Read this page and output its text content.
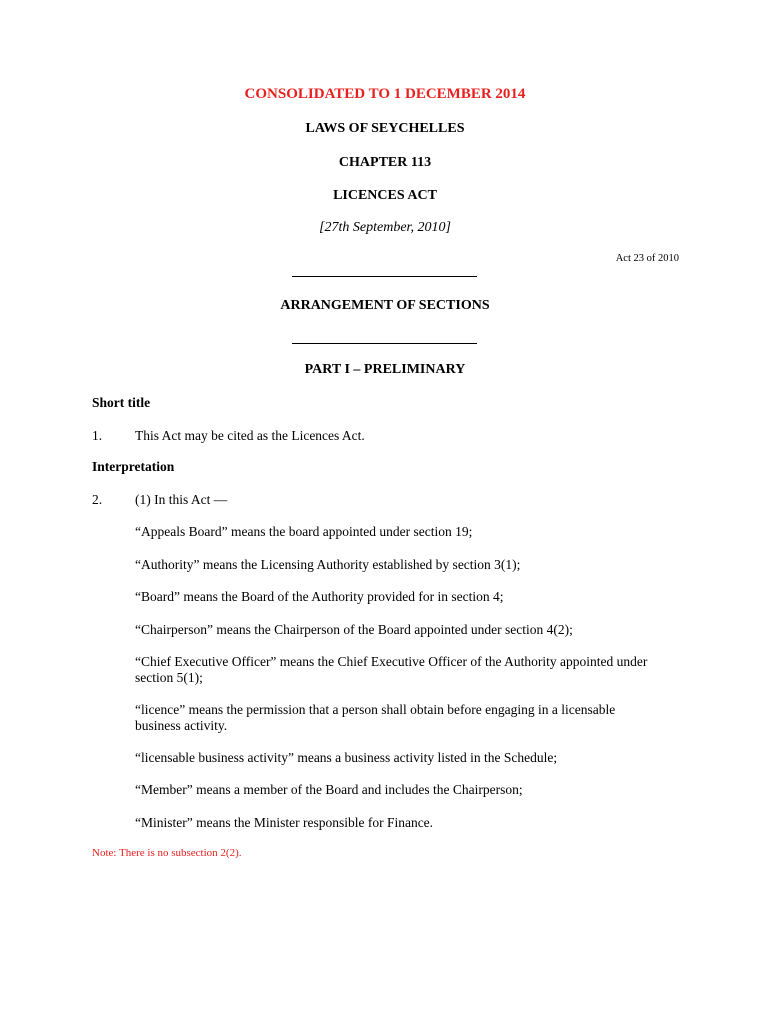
CONSOLIDATED TO 1 DECEMBER 2014

LAWS OF SEYCHELLES

CHAPTER 113

LICENCES ACT

[27th September, 2010]

Act 23 of 2010

ARRANGEMENT OF SECTIONS

PART I – PRELIMINARY

Short title

1. This Act may be cited as the Licences Act.

Interpretation

2. (1) In this Act —

“Appeals Board” means the board appointed under section 19;

“Authority” means the Licensing Authority established by section 3(1);

“Board” means the Board of the Authority provided for in section 4;

“Chairperson” means the Chairperson of the Board appointed under section 4(2);

“Chief Executive Officer” means the Chief Executive Officer of the Authority appointed under section 5(1);

“licence” means the permission that a person shall obtain before engaging in a licensable business activity.

“licensable business activity” means a business activity listed in the Schedule;

“Member” means a member of the Board and includes the Chairperson;

“Minister” means the Minister responsible for Finance.

Note: There is no subsection 2(2).
